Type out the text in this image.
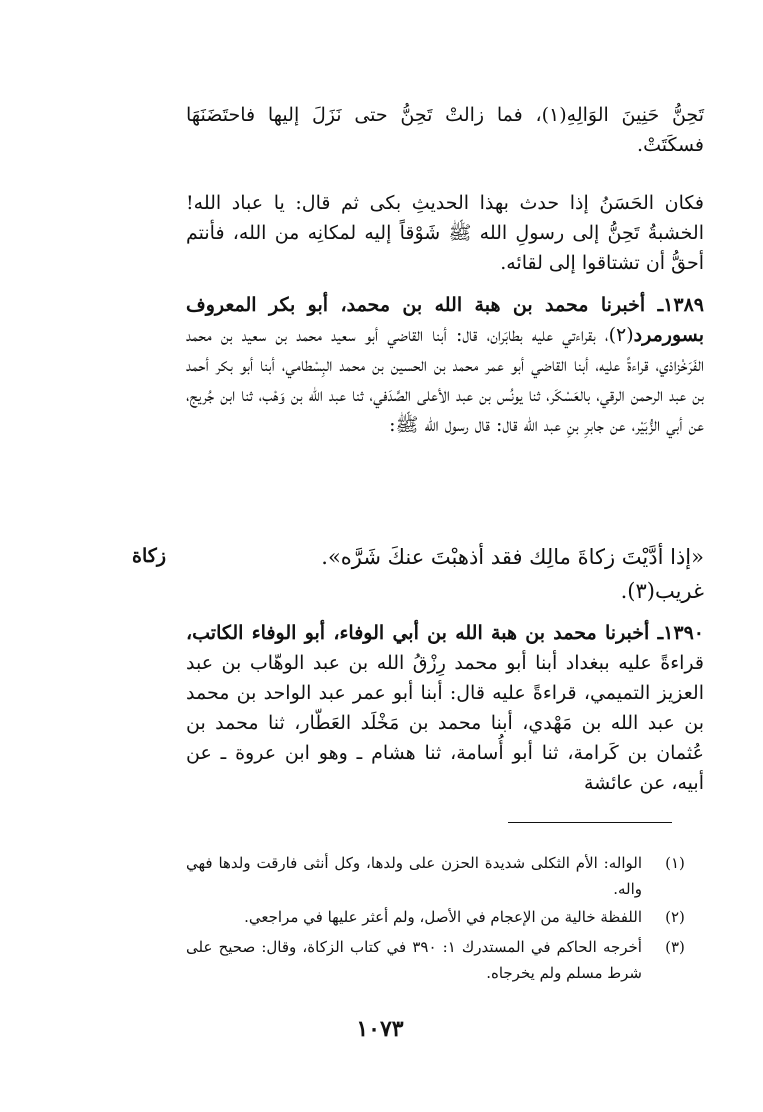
تَحِنُّ حَنِينَ الوَالِهِ(١)، فما زالتْ تَحِنُّ حتى نَزَلَ إليها فاحتَضَنَهَا فسكَتَتْ.

فكان الحَسَنُ إذا حدث بهذا الحديثِ بكى ثم قال: يا عباد الله! الخشبةُ تَحِنُّ إلى رسولِ الله ﷺ شَوْقاً إليه لمكانِه من الله، فأنتم أحقُّ أن تشتاقوا إلى لقائه.

١٣٨٩ـ أخبرنا محمد بن هبة الله بن محمد، أبو بكر المعروف بسورمرد(٢)، بقراءتي عليه بطابَران، قال: أبنا القاضي أبو سعيد محمد بن سعيد بن محمد الفَرَخْزاذي، قراءةً عليه، أبنا القاضي أبو عمر محمد بن الحسين بن محمد البِسْطامي، أبنا أبو بكر أحمد بن عبد الرحمن الرقي، بالعَسْكَر، ثنا يونُس بن عبد الأعلى الصَّدَفي، ثنا عبد الله بن وَهْب، ثنا ابن جُريج، عن أبي الزُّبَيْر، عن جابرِ بنِ عبد الله قال: قال رسول الله ﷺ:

زكاة	«إذا أدَّيْتَ زكاةَ مالِك فقد أذهبْتَ عنكَ شَرَّه».

غريب(٣).

١٣٩٠ـ أخبرنا محمد بن هبة الله بن أبي الوفاء، أبو الوفاء الكاتب، قراءةً عليه ببغداد أبنا أبو محمد رِزْقُ الله بن عبد الوهّاب بن عبد العزيز التميمي، قراءةً عليه قال: أبنا أبو عمر عبد الواحد بن محمد بن عبد الله بن مَهْدي، أبنا محمد بن مَخْلَد العَطّار، ثنا محمد بن عُثمان بن كَرامة، ثنا أبو أُسامة، ثنا هشام ـ وهو ابن عروة ـ عن أبيه، عن عائشة

(١)
الواله: الأم الثكلى شديدة الحزن على ولدها، وكل أنثى فارقت ولدها فهي واله.
(٢)
اللفظة خالية من الإعجام في الأصل، ولم أعثر عليها في مراجعي.
(٣)
أخرجه الحاكم في المستدرك ١: ٣٩٠ في كتاب الزكاة، وقال: صحيح على شرط مسلم ولم يخرجاه.
١٠٧٣
